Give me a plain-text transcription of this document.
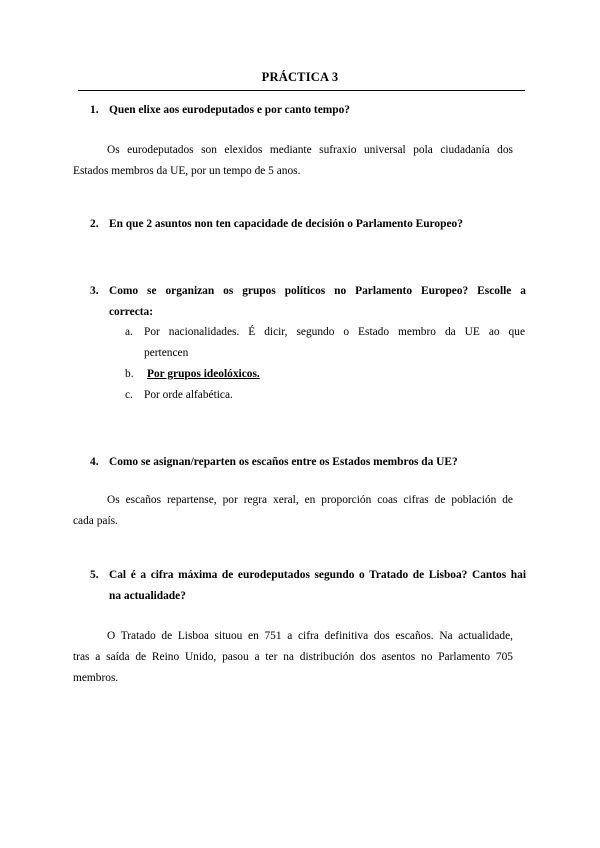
PRÁCTICA 3
1. Quen elixe aos eurodeputados e por canto tempo?
Os eurodeputados son elexidos mediante sufraxio universal pola ciudadanía dos
Estados membros da UE, por un tempo de 5 anos.
2. En que 2 asuntos non ten capacidade de decisión o Parlamento Europeo?
3. Como se organizan os grupos políticos no Parlamento Europeo? Escolle a
correcta:
a. Por nacionalidades. É dicir, segundo o Estado membro da UE ao que
pertencen
b. Por grupos ideolóxicos.
c. Por orde alfabética.
4. Como se asignan/reparten os escaños entre os Estados membros da UE?
Os escaños repartense, por regra xeral, en proporción coas cifras de población de
cada país.
5. Cal é a cifra máxima de eurodeputados segundo o Tratado de Lisboa? Cantos hai
na actualidade?
O Tratado de Lisboa situou en 751 a cifra definitiva dos escaños. Na actualidade,
tras a saída de Reino Unido, pasou a ter na distribución dos asentos no Parlamento 705
membros.
